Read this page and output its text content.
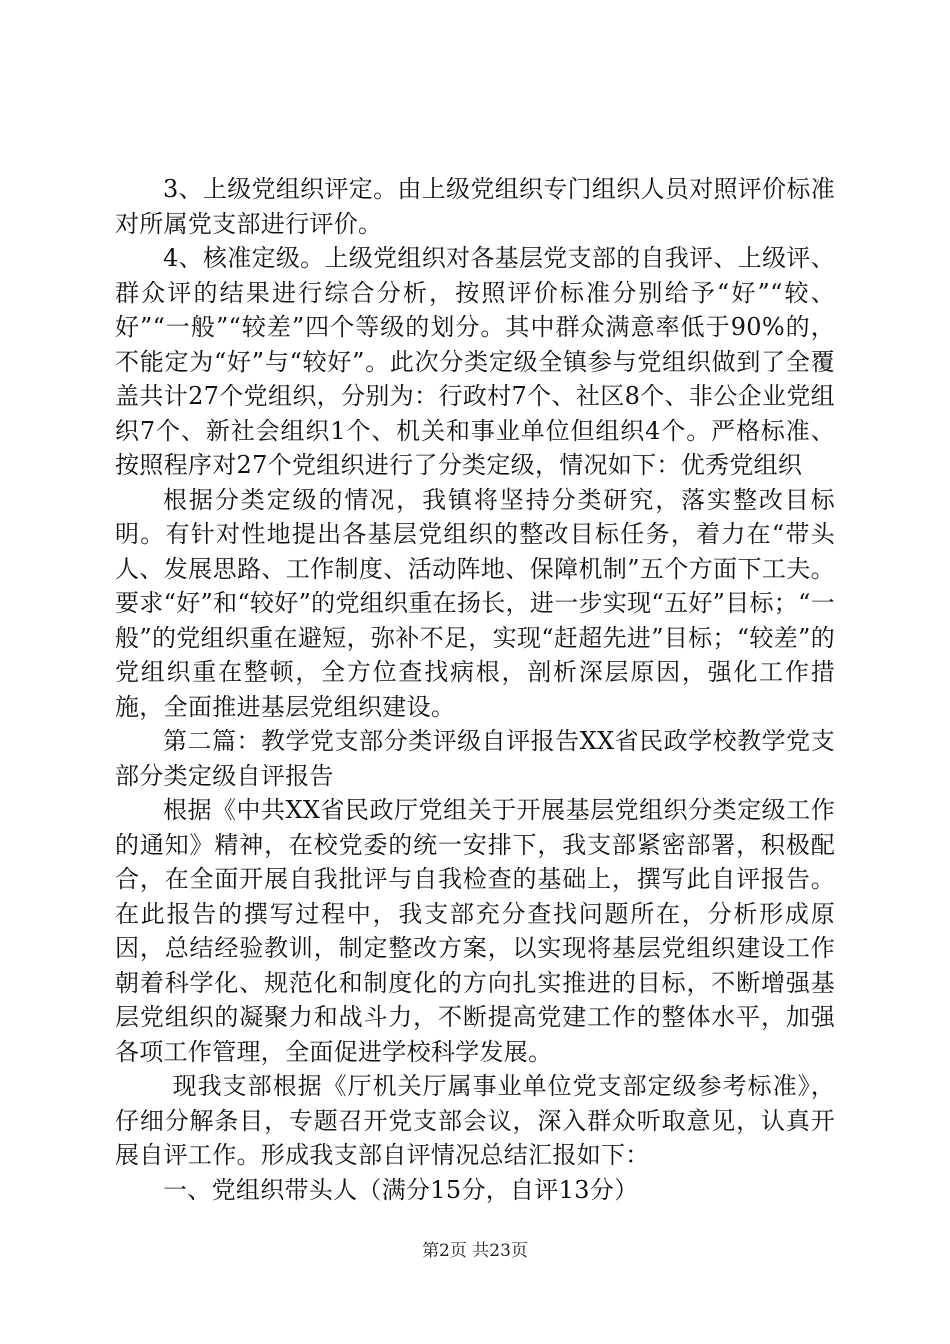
3、上级党组织评定。由上级党组织专门组织人员对照评价标准对所属党支部进行评价。

4、核准定级。上级党组织对各基层党支部的自我评、上级评、群众评的结果进行综合分析，按照评价标准分别给予“好”“较、好”“一般”“较差”四个等级的划分。其中群众满意率低于90%的，不能定为“好”与“较好”。此次分类定级全镇参与党组织做到了全覆盖共计27个党组织，分别为：行政村7个、社区8个、非公企业党组织7个、新社会组织1个、机关和事业单位但组织4个。严格标准、按照程序对27个党组织进行了分类定级，情况如下：优秀党组织

根据分类定级的情况，我镇将坚持分类研究，落实整改目标明。有针对性地提出各基层党组织的整改目标任务，着力在“带头人、发展思路、工作制度、活动阵地、保障机制”五个方面下工夫。要求“好”和“较好”的党组织重在扬长，进一步实现“五好”目标；“一般”的党组织重在避短，弥补不足，实现“赶超先进”目标；“较差”的党组织重在整顿，全方位查找病根，剖析深层原因，强化工作措施，全面推进基层党组织建设。

第二篇：教学党支部分类评级自评报告XX省民政学校教学党支部分类定级自评报告

根据《中共XX省民政厅党组关于开展基层党组织分类定级工作的通知》精神，在校党委的统一安排下，我支部紧密部署，积极配合，在全面开展自我批评与自我检查的基础上，撰写此自评报告。在此报告的撰写过程中，我支部充分查找问题所在，分析形成原因，总结经验教训，制定整改方案，以实现将基层党组织建设工作朝着科学化、规范化和制度化的方向扎实推进的目标，不断增强基层党组织的凝聚力和战斗力，不断提高党建工作的整体水平，加强各项工作管理，全面促进学校科学发展。

现我支部根据《厅机关厅属事业单位党支部定级参考标准》，仔细分解条目，专题召开党支部会议，深入群众听取意见，认真开展自评工作。形成我支部自评情况总结汇报如下：

一、党组织带头人（满分15分，自评13分）

第2页 共23页
